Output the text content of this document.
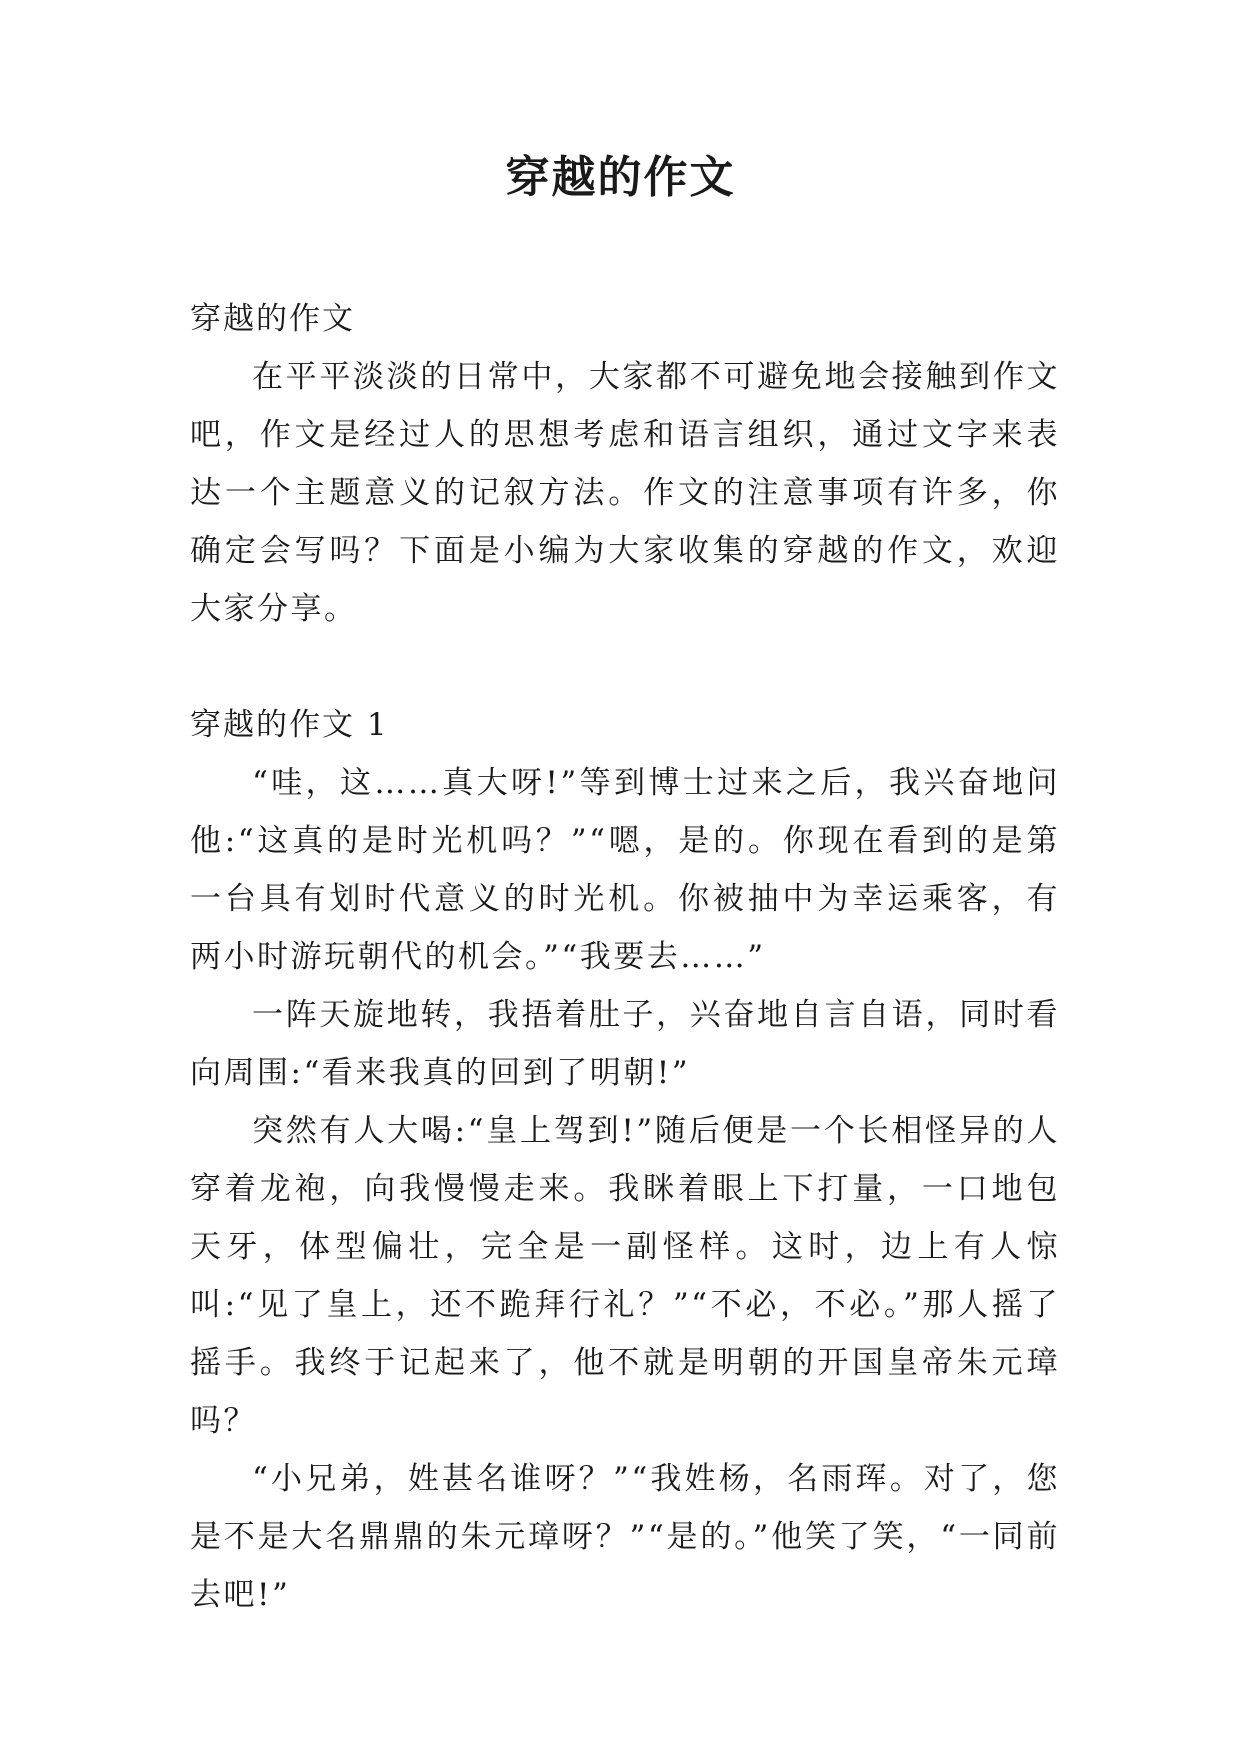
穿越的作文

穿越的作文

在平平淡淡的日常中，大家都不可避免地会接触到作文吧，作文是经过人的思想考虑和语言组织，通过文字来表达一个主题意义的记叙方法。作文的注意事项有许多，你确定会写吗？下面是小编为大家收集的穿越的作文，欢迎大家分享。

穿越的作文 1

“哇，这……真大呀!”等到博士过来之后，我兴奋地问他:“这真的是时光机吗？”“嗯，是的。你现在看到的是第一台具有划时代意义的时光机。你被抽中为幸运乘客，有两小时游玩朝代的机会。”“我要去……”

一阵天旋地转，我捂着肚子，兴奋地自言自语，同时看向周围:“看来我真的回到了明朝!”

突然有人大喝:“皇上驾到!”随后便是一个长相怪异的人穿着龙袍，向我慢慢走来。我眯着眼上下打量，一口地包天牙，体型偏壮，完全是一副怪样。这时，边上有人惊叫:“见了皇上，还不跪拜行礼？”“不必，不必。”那人摇了摇手。我终于记起来了，他不就是明朝的开国皇帝朱元璋吗？

“小兄弟，姓甚名谁呀？”“我姓杨，名雨珲。对了，您是不是大名鼎鼎的朱元璋呀？”“是的。”他笑了笑，“一同前去吧!”
